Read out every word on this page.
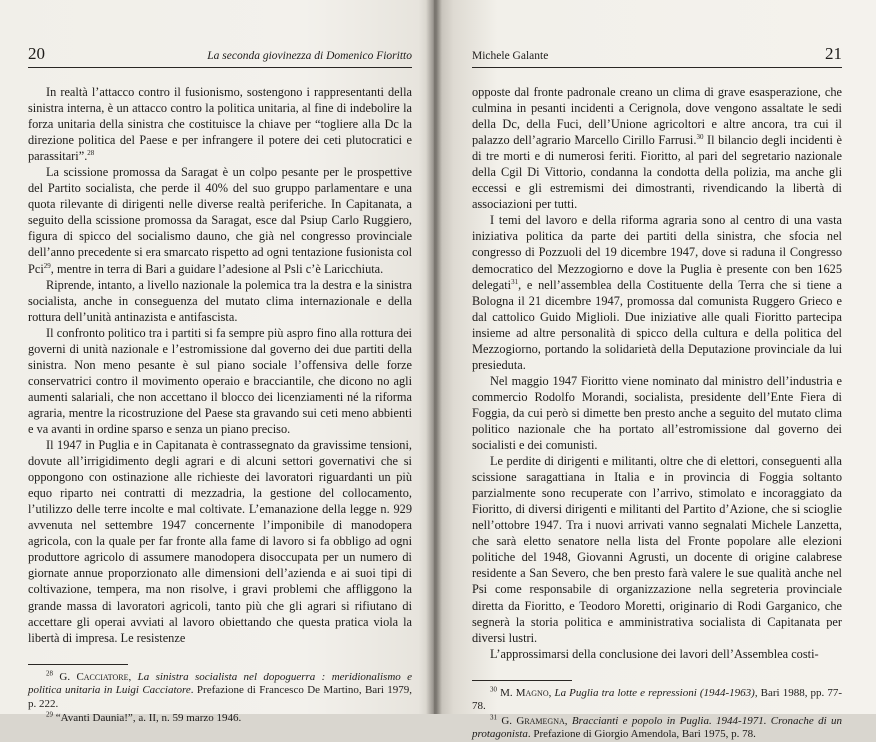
20	La seconda giovinezza di Domenico Fioritto

In realtà l’attacco contro il fusionismo, sostengono i rappresentanti della sinistra interna, è un attacco contro la politica unitaria, al fine di indebolire la forza unitaria della sinistra che costituisce la chiave per “togliere alla Dc la direzione politica del Paese e per infrangere il potere dei ceti plutocratici e parassitari”.$^{28}$

La scissione promossa da Saragat è un colpo pesante per le prospettive del Partito socialista, che perde il 40% del suo gruppo parlamentare e una quota rilevante di dirigenti nelle diverse realtà periferiche. In Capitanata, a seguito della scissione promossa da Saragat, esce dal Psiup Carlo Ruggiero, figura di spicco del socialismo dauno, che già nel congresso provinciale dell’anno precedente si era smarcato rispetto ad ogni tentazione fusionista col Pci$^{29}$, mentre in terra di Bari a guidare l’adesione al Psli c’è Laricchiuta.

Riprende, intanto, a livello nazionale la polemica tra la destra e la sinistra socialista, anche in conseguenza del mutato clima internazionale e della rottura dell’unità antinazista e antifascista.

Il confronto politico tra i partiti si fa sempre più aspro fino alla rottura dei governi di unità nazionale e l’estromissione dal governo dei due partiti della sinistra. Non meno pesante è sul piano sociale l’offensiva delle forze conservatrici contro il movimento operaio e bracciantile, che dicono no agli aumenti salariali, che non accettano il blocco dei licenziamenti né la riforma agraria, mentre la ricostruzione del Paese sta gravando sui ceti meno abbienti e va avanti in ordine sparso e senza un piano preciso.

Il 1947 in Puglia e in Capitanata è contrassegnato da gravissime tensioni, dovute all’irrigidimento degli agrari e di alcuni settori governativi che si oppongono con ostinazione alle richieste dei lavoratori riguardanti un più equo riparto nei contratti di mezzadria, la gestione del collocamento, l’utilizzo delle terre incolte e mal coltivate. L’emanazione della legge n. 929 avvenuta nel settembre 1947 concernente l’imponibile di manodopera agricola, con la quale per far fronte alla fame di lavoro si fa obbligo ad ogni produttore agricolo di assumere manodopera disoccupata per un numero di giornate annue proporzionato alle dimensioni dell’azienda e ai suoi tipi di coltivazione, tempera, ma non risolve, i gravi problemi che affliggono la grande massa di lavoratori agricoli, tanto più che gli agrari si rifiutano di accettare gli operai avviati al lavoro obiettando che questa pratica viola la libertà di impresa. Le resistenze

$^{28}$ G. Cacciatore, La sinistra socialista nel dopoguerra : meridionalismo e politica unitaria in Luigi Cacciatore. Prefazione di Francesco De Martino, Bari 1979, p. 222.

$^{29}$ “Avanti Daunia!”, a. II, n. 59 marzo 1946.

Michele Galante	21

opposte dal fronte padronale creano un clima di grave esasperazione, che culmina in pesanti incidenti a Cerignola, dove vengono assaltate le sedi della Dc, della Fuci, dell’Unione agricoltori e altre ancora, tra cui il palazzo dell’agrario Marcello Cirillo Farrusi.$^{30}$ Il bilancio degli incidenti è di tre morti e di numerosi feriti. Fioritto, al pari del segretario nazionale della Cgil Di Vittorio, condanna la condotta della polizia, ma anche gli eccessi e gli estremismi dei dimostranti, rivendicando la libertà di associazioni per tutti.

I temi del lavoro e della riforma agraria sono al centro di una vasta iniziativa politica da parte dei partiti della sinistra, che sfocia nel congresso di Pozzuoli del 19 dicembre 1947, dove si raduna il Congresso democratico del Mezzogiorno e dove la Puglia è presente con ben 1625 delegati$^{31}$, e nell’assemblea della Costituente della Terra che si tiene a Bologna il 21 dicembre 1947, promossa dal comunista Ruggero Grieco e dal cattolico Guido Miglioli. Due iniziative alle quali Fioritto partecipa insieme ad altre personalità di spicco della cultura e della politica del Mezzogiorno, portando la solidarietà della Deputazione provinciale da lui presieduta.

Nel maggio 1947 Fioritto viene nominato dal ministro dell’industria e commercio Rodolfo Morandi, socialista, presidente dell’Ente Fiera di Foggia, da cui però si dimette ben presto anche a seguito del mutato clima politico nazionale che ha portato all’estromissione dal governo dei socialisti e dei comunisti.

Le perdite di dirigenti e militanti, oltre che di elettori, conseguenti alla scissione saragattiana in Italia e in provincia di Foggia soltanto parzialmente sono recuperate con l’arrivo, stimolato e incoraggiato da Fioritto, di diversi dirigenti e militanti del Partito d’Azione, che si scioglie nell’ottobre 1947. Tra i nuovi arrivati vanno segnalati Michele Lanzetta, che sarà eletto senatore nella lista del Fronte popolare alle elezioni politiche del 1948, Giovanni Agrusti, un docente di origine calabrese residente a San Severo, che ben presto farà valere le sue qualità anche nel Psi come responsabile di organizzazione nella segreteria provinciale diretta da Fioritto, e Teodoro Moretti, originario di Rodi Garganico, che segnerà la storia politica e amministrativa socialista di Capitanata per diversi lustri.

L’approssimarsi della conclusione dei lavori dell’Assemblea costi-

$^{30}$ M. Magno, La Puglia tra lotte e repressioni (1944-1963), Bari 1988, pp. 77-78.

$^{31}$ G. Gramegna, Braccianti e popolo in Puglia. 1944-1971. Cronache di un protagonista. Prefazione di Giorgio Amendola, Bari 1975, p. 78.
